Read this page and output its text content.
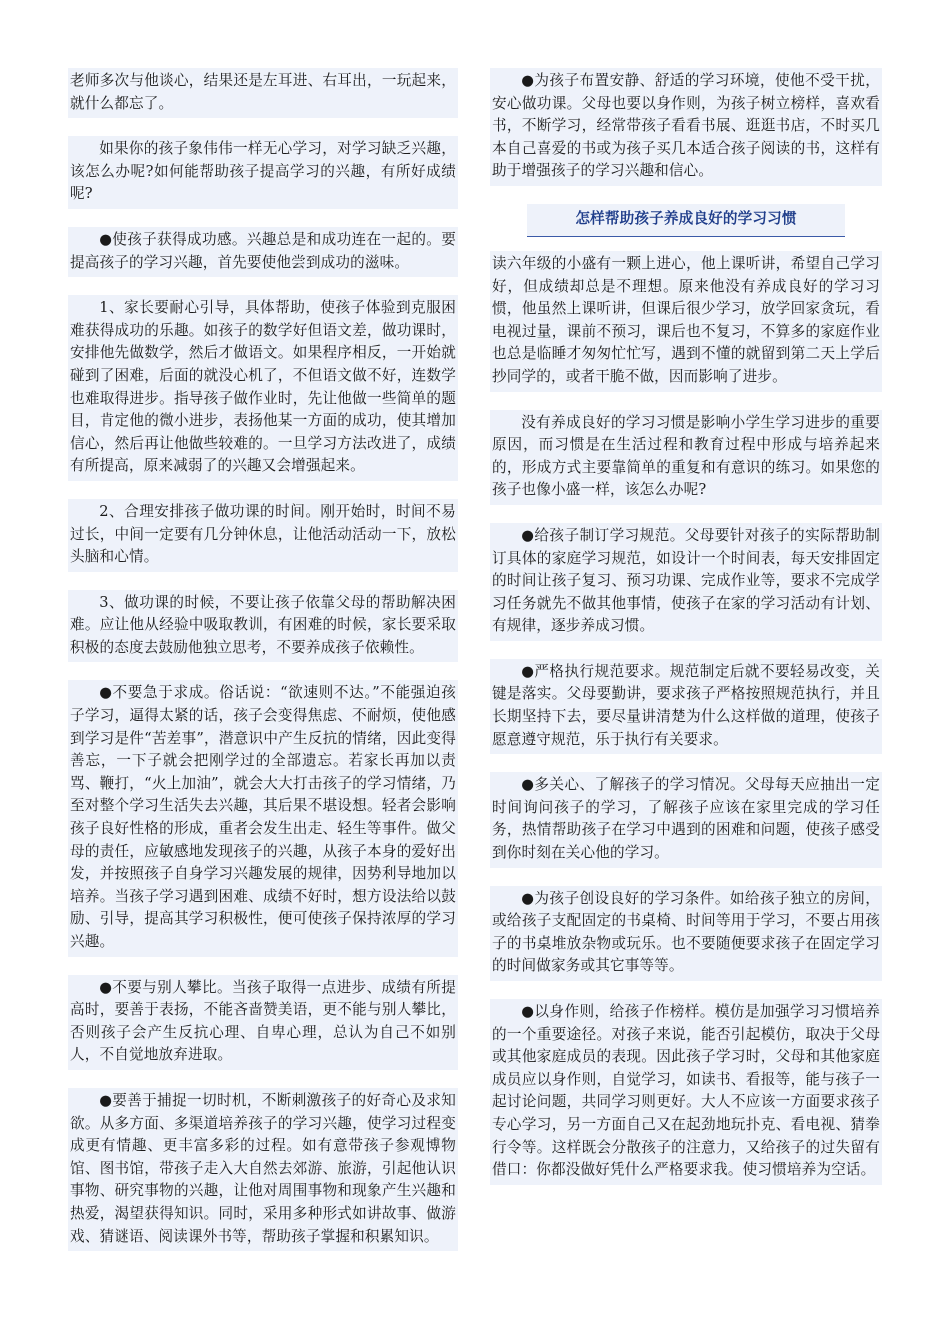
老师多次与他谈心，结果还是左耳进、右耳出，一玩起来，就什么都忘了。
如果你的孩子象伟伟一样无心学习，对学习缺乏兴趣，该怎么办呢?如何能帮助孩子提高学习的兴趣，有所好成绩呢?
●使孩子获得成功感。兴趣总是和成功连在一起的。要提高孩子的学习兴趣，首先要使他尝到成功的滋味。
1、家长要耐心引导，具体帮助，使孩子体验到克服困难获得成功的乐趣。如孩子的数学好但语文差，做功课时，安排他先做数学，然后才做语文。如果程序相反，一开始就碰到了困难，后面的就没心机了，不但语文做不好，连数学也难取得进步。指导孩子做作业时，先让他做一些简单的题目，肯定他的微小进步，表扬他某一方面的成功，使其增加信心，然后再让他做些较难的。一旦学习方法改进了，成绩有所提高，原来减弱了的兴趣又会增强起来。
2、合理安排孩子做功课的时间。刚开始时，时间不易过长，中间一定要有几分钟休息，让他活动活动一下，放松头脑和心情。
3、做功课的时候，不要让孩子依靠父母的帮助解决困难。应让他从经验中吸取教训，有困难的时候，家长要采取积极的态度去鼓励他独立思考，不要养成孩子依赖性。
●不要急于求成。俗话说：“欲速则不达。”不能强迫孩子学习，逼得太紧的话，孩子会变得焦虑、不耐烦，使他感到学习是件“苦差事”，潜意识中产生反抗的情绪，因此变得善忘，一下子就会把刚学过的全部遗忘。若家长再加以责骂、鞭打，“火上加油”，就会大大打击孩子的学习情绪，乃至对整个学习生活失去兴趣，其后果不堪设想。轻者会影响孩子良好性格的形成，重者会发生出走、轻生等事件。做父母的责任，应敏感地发现孩子的兴趣，从孩子本身的爱好出发，并按照孩子自身学习兴趣发展的规律，因势利导地加以培养。当孩子学习遇到困难、成绩不好时，想方设法给以鼓励、引导，提高其学习积极性，便可使孩子保持浓厚的学习兴趣。
●不要与别人攀比。当孩子取得一点进步、成绩有所提高时，要善于表扬，不能吝啬赞美语，更不能与别人攀比，否则孩子会产生反抗心理、自卑心理，总认为自己不如别人，不自觉地放弃进取。
●要善于捕捉一切时机，不断刺激孩子的好奇心及求知欲。从多方面、多渠道培养孩子的学习兴趣，使学习过程变成更有情趣、更丰富多彩的过程。如有意带孩子参观博物馆、图书馆，带孩子走入大自然去郊游、旅游，引起他认识事物、研究事物的兴趣，让他对周围事物和现象产生兴趣和热爱，渴望获得知识。同时，采用多种形式如讲故事、做游戏、猜谜语、阅读课外书等，帮助孩子掌握和积累知识。
●为孩子布置安静、舒适的学习环境，使他不受干扰，安心做功课。父母也要以身作则，为孩子树立榜样，喜欢看书，不断学习，经常带孩子看看书展、逛逛书店，不时买几本自己喜爱的书或为孩子买几本适合孩子阅读的书，这样有助于增强孩子的学习兴趣和信心。
怎样帮助孩子养成良好的学习习惯
读六年级的小盛有一颗上进心，他上课听讲，希望自己学习好，但成绩却总是不理想。原来他没有养成良好的学习习惯，他虽然上课听讲，但课后很少学习，放学回家贪玩，看电视过量，课前不预习，课后也不复习，不算多的家庭作业也总是临睡才匆匆忙忙写，遇到不懂的就留到第二天上学后抄同学的，或者干脆不做，因而影响了进步。
没有养成良好的学习习惯是影响小学生学习进步的重要原因，而习惯是在生活过程和教育过程中形成与培养起来的，形成方式主要靠简单的重复和有意识的练习。如果您的孩子也像小盛一样，该怎么办呢?
●给孩子制订学习规范。父母要针对孩子的实际帮助制订具体的家庭学习规范，如设计一个时间表，每天安排固定的时间让孩子复习、预习功课、完成作业等，要求不完成学习任务就先不做其他事情，使孩子在家的学习活动有计划、有规律，逐步养成习惯。
●严格执行规范要求。规范制定后就不要轻易改变，关键是落实。父母要勤讲，要求孩子严格按照规范执行，并且长期坚持下去，要尽量讲清楚为什么这样做的道理，使孩子愿意遵守规范，乐于执行有关要求。
●多关心、了解孩子的学习情况。父母每天应抽出一定时间询问孩子的学习，了解孩子应该在家里完成的学习任务，热情帮助孩子在学习中遇到的困难和问题，使孩子感受到你时刻在关心他的学习。
●为孩子创设良好的学习条件。如给孩子独立的房间，或给孩子支配固定的书桌椅、时间等用于学习，不要占用孩子的书桌堆放杂物或玩乐。也不要随便要求孩子在固定学习的时间做家务或其它事等等。
●以身作则，给孩子作榜样。模仿是加强学习习惯培养的一个重要途径。对孩子来说，能否引起模仿，取决于父母或其他家庭成员的表现。因此孩子学习时，父母和其他家庭成员应以身作则，自觉学习，如读书、看报等，能与孩子一起讨论问题，共同学习则更好。大人不应该一方面要求孩子专心学习，另一方面自己又在起劲地玩扑克、看电视、猜拳行令等。这样既会分散孩子的注意力，又给孩子的过失留有借口：你都没做好凭什么严格要求我。使习惯培养为空话。
